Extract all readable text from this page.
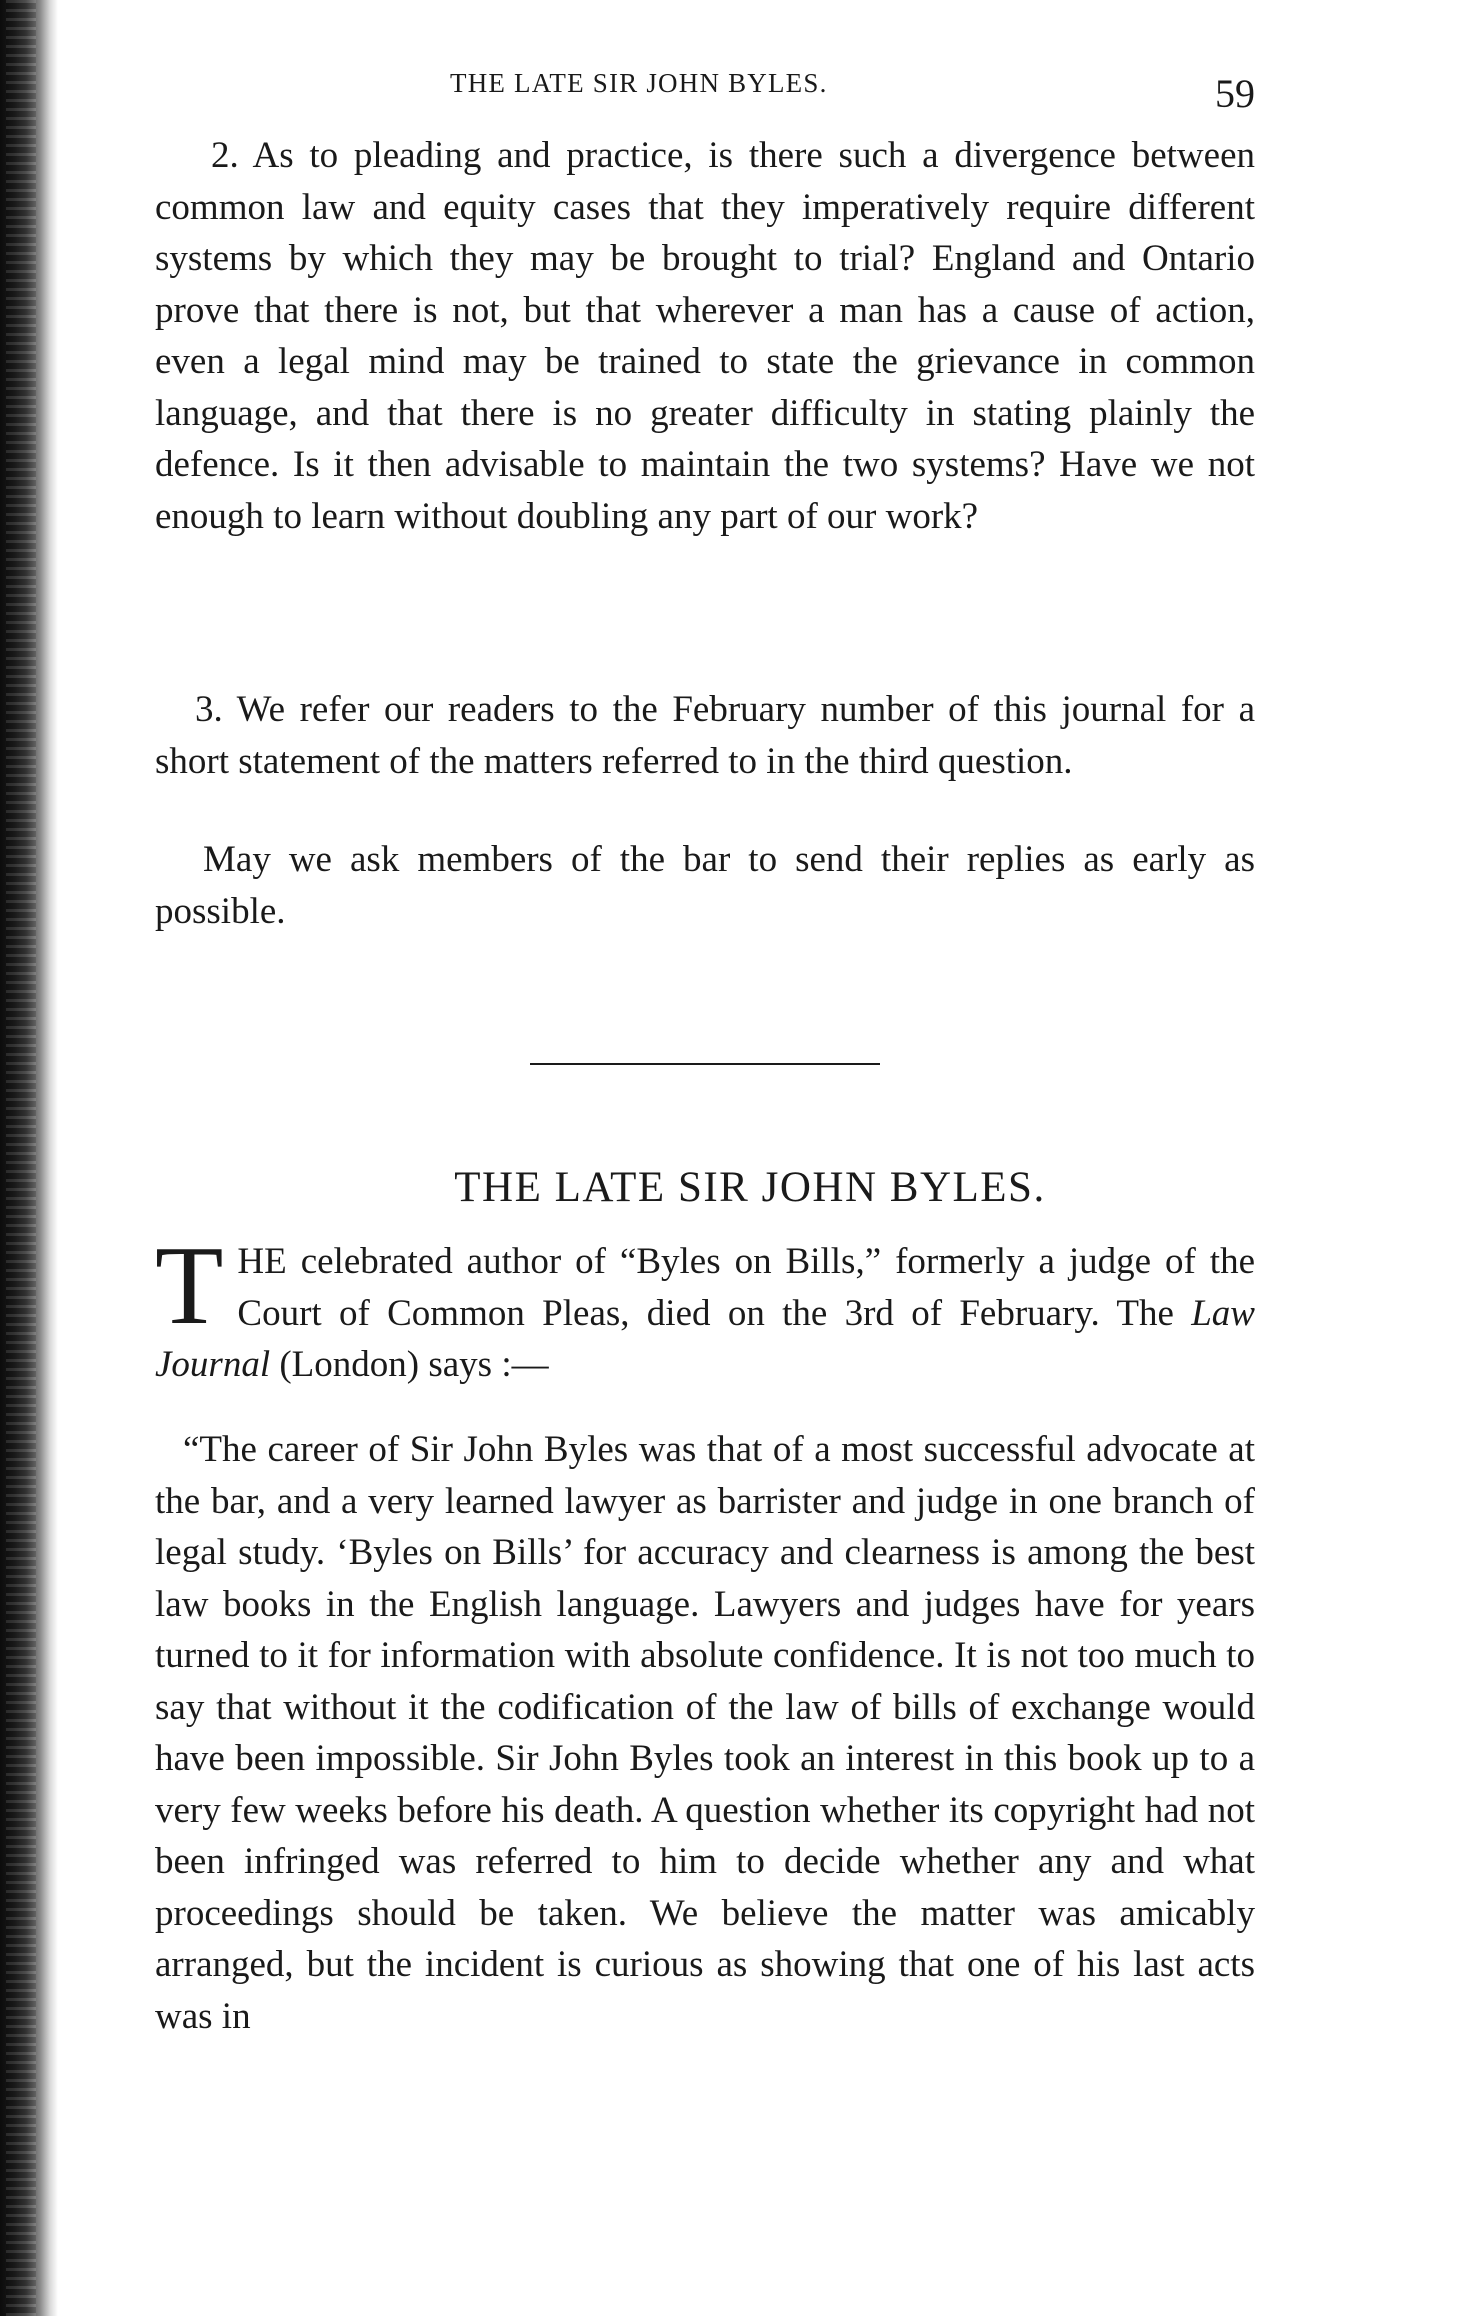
THE LATE SIR JOHN BYLES.	59

2. As to pleading and practice, is there such a divergence between common law and equity cases that they imperatively require different systems by which they may be brought to trial? England and Ontario prove that there is not, but that wherever a man has a cause of action, even a legal mind may be trained to state the grievance in common language, and that there is no greater difficulty in stating plainly the defence. Is it then advisable to maintain the two systems? Have we not enough to learn without doubling any part of our work?

3. We refer our readers to the February number of this journal for a short statement of the matters referred to in the third question.

May we ask members of the bar to send their replies as early as possible.

THE LATE SIR JOHN BYLES.

THE celebrated author of “Byles on Bills,” formerly a judge of the Court of Common Pleas, died on the 3rd of February. The Law Journal (London) says :—

“The career of Sir John Byles was that of a most successful advocate at the bar, and a very learned lawyer as barrister and judge in one branch of legal study. ‘Byles on Bills’ for accuracy and clearness is among the best law books in the English language. Lawyers and judges have for years turned to it for information with absolute confidence. It is not too much to say that without it the codification of the law of bills of exchange would have been impossible. Sir John Byles took an interest in this book up to a very few weeks before his death. A question whether its copyright had not been infringed was referred to him to decide whether any and what proceedings should be taken. We believe the matter was amicably arranged, but the incident is curious as showing that one of his last acts was in
